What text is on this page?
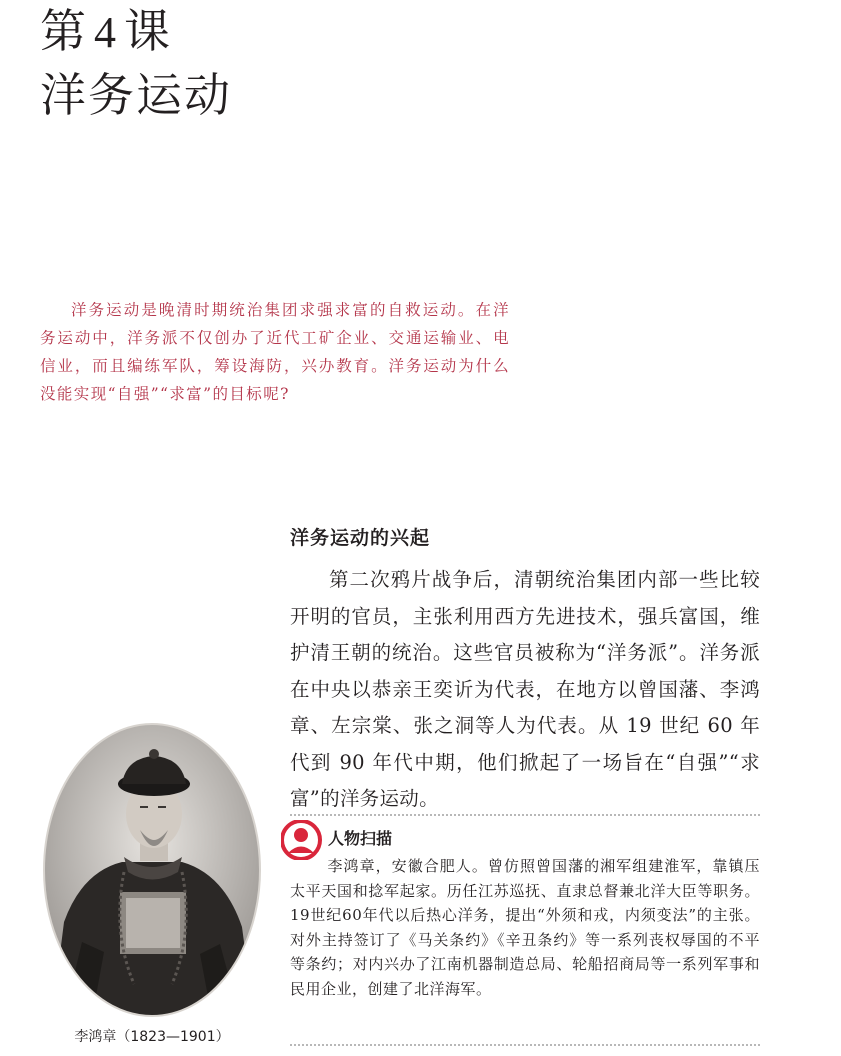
第 4 课
洋务运动

洋务运动是晚清时期统治集团求强求富的自救运动。在洋务运动中，洋务派不仅创办了近代工矿企业、交通运输业、电信业，而且编练军队，筹设海防，兴办教育。洋务运动为什么没能实现“自强”“求富”的目标呢?

洋务运动的兴起

第二次鸦片战争后，清朝统治集团内部一些比较开明的官员，主张利用西方先进技术，强兵富国，维护清王朝的统治。这些官员被称为“洋务派”。洋务派在中央以恭亲王奕䜣为代表，在地方以曾国藩、李鸿章、左宗棠、张之洞等人为代表。从 19 世纪 60 年代到 90 年代中期，他们掀起了一场旨在“自强”“求富”的洋务运动。

李鸿章（1823—1901）
人物扫描

李鸿章，安徽合肥人。曾仿照曾国藩的湘军组建淮军，靠镇压太平天国和捻军起家。历任江苏巡抚、直隶总督兼北洋大臣等职务。19世纪60年代以后热心洋务，提出“外须和戎，内须变法”的主张。对外主持签订了《马关条约》《辛丑条约》等一系列丧权辱国的不平等条约；对内兴办了江南机器制造总局、轮船招商局等一系列军事和民用企业，创建了北洋海军。
